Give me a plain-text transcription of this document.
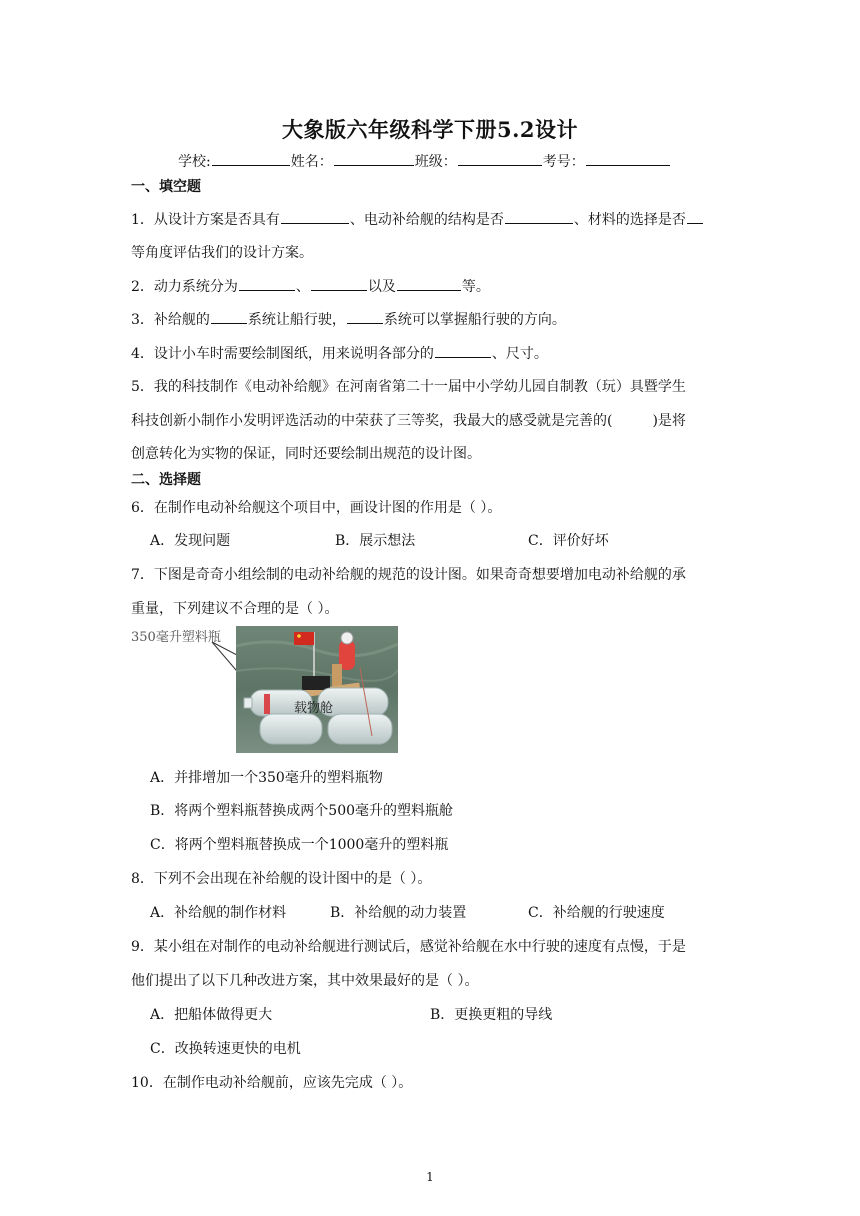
大象版六年级科学下册5.2设计
学校:	姓名：	班级：	考号：
一、填空题
1．从设计方案是否具有	、电动补给舰的结构是否	、材料的选择是否
等角度评估我们的设计方案。
2．动力系统分为	、	以及	等。
3．补给舰的	系统让船行驶，	系统可以掌握船行驶的方向。
4．设计小车时需要绘制图纸，用来说明各部分的	、尺寸。
5．我的科技制作《电动补给舰》在河南省第二十一届中小学幼儿园自制教（玩）具暨学生
科技创新小制作小发明评选活动的中荣获了三等奖，我最大的感受就是完善的(	)是将
创意转化为实物的保证，同时还要绘制出规范的设计图。
二、选择题
6．在制作电动补给舰这个项目中，画设计图的作用是（ ）。
A．发现问题	B．展示想法	C．评价好坏
7．下图是奇奇小组绘制的电动补给舰的规范的设计图。如果奇奇想要增加电动补给舰的承
重量，下列建议不合理的是（ ）。
350毫升塑料瓶
载物舱
A．并排增加一个350毫升的塑料瓶物
B．将两个塑料瓶替换成两个500毫升的塑料瓶舱
C．将两个塑料瓶替换成一个1000毫升的塑料瓶
8．下列不会出现在补给舰的设计图中的是（ ）。
A．补给舰的制作材料	B．补给舰的动力装置	C．补给舰的行驶速度
9．某小组在对制作的电动补给舰进行测试后，感觉补给舰在水中行驶的速度有点慢，于是
他们提出了以下几种改进方案，其中效果最好的是（ ）。
A．把船体做得更大	B．更换更粗的导线
C．改换转速更快的电机
10．在制作电动补给舰前，应该先完成（ ）。
1
